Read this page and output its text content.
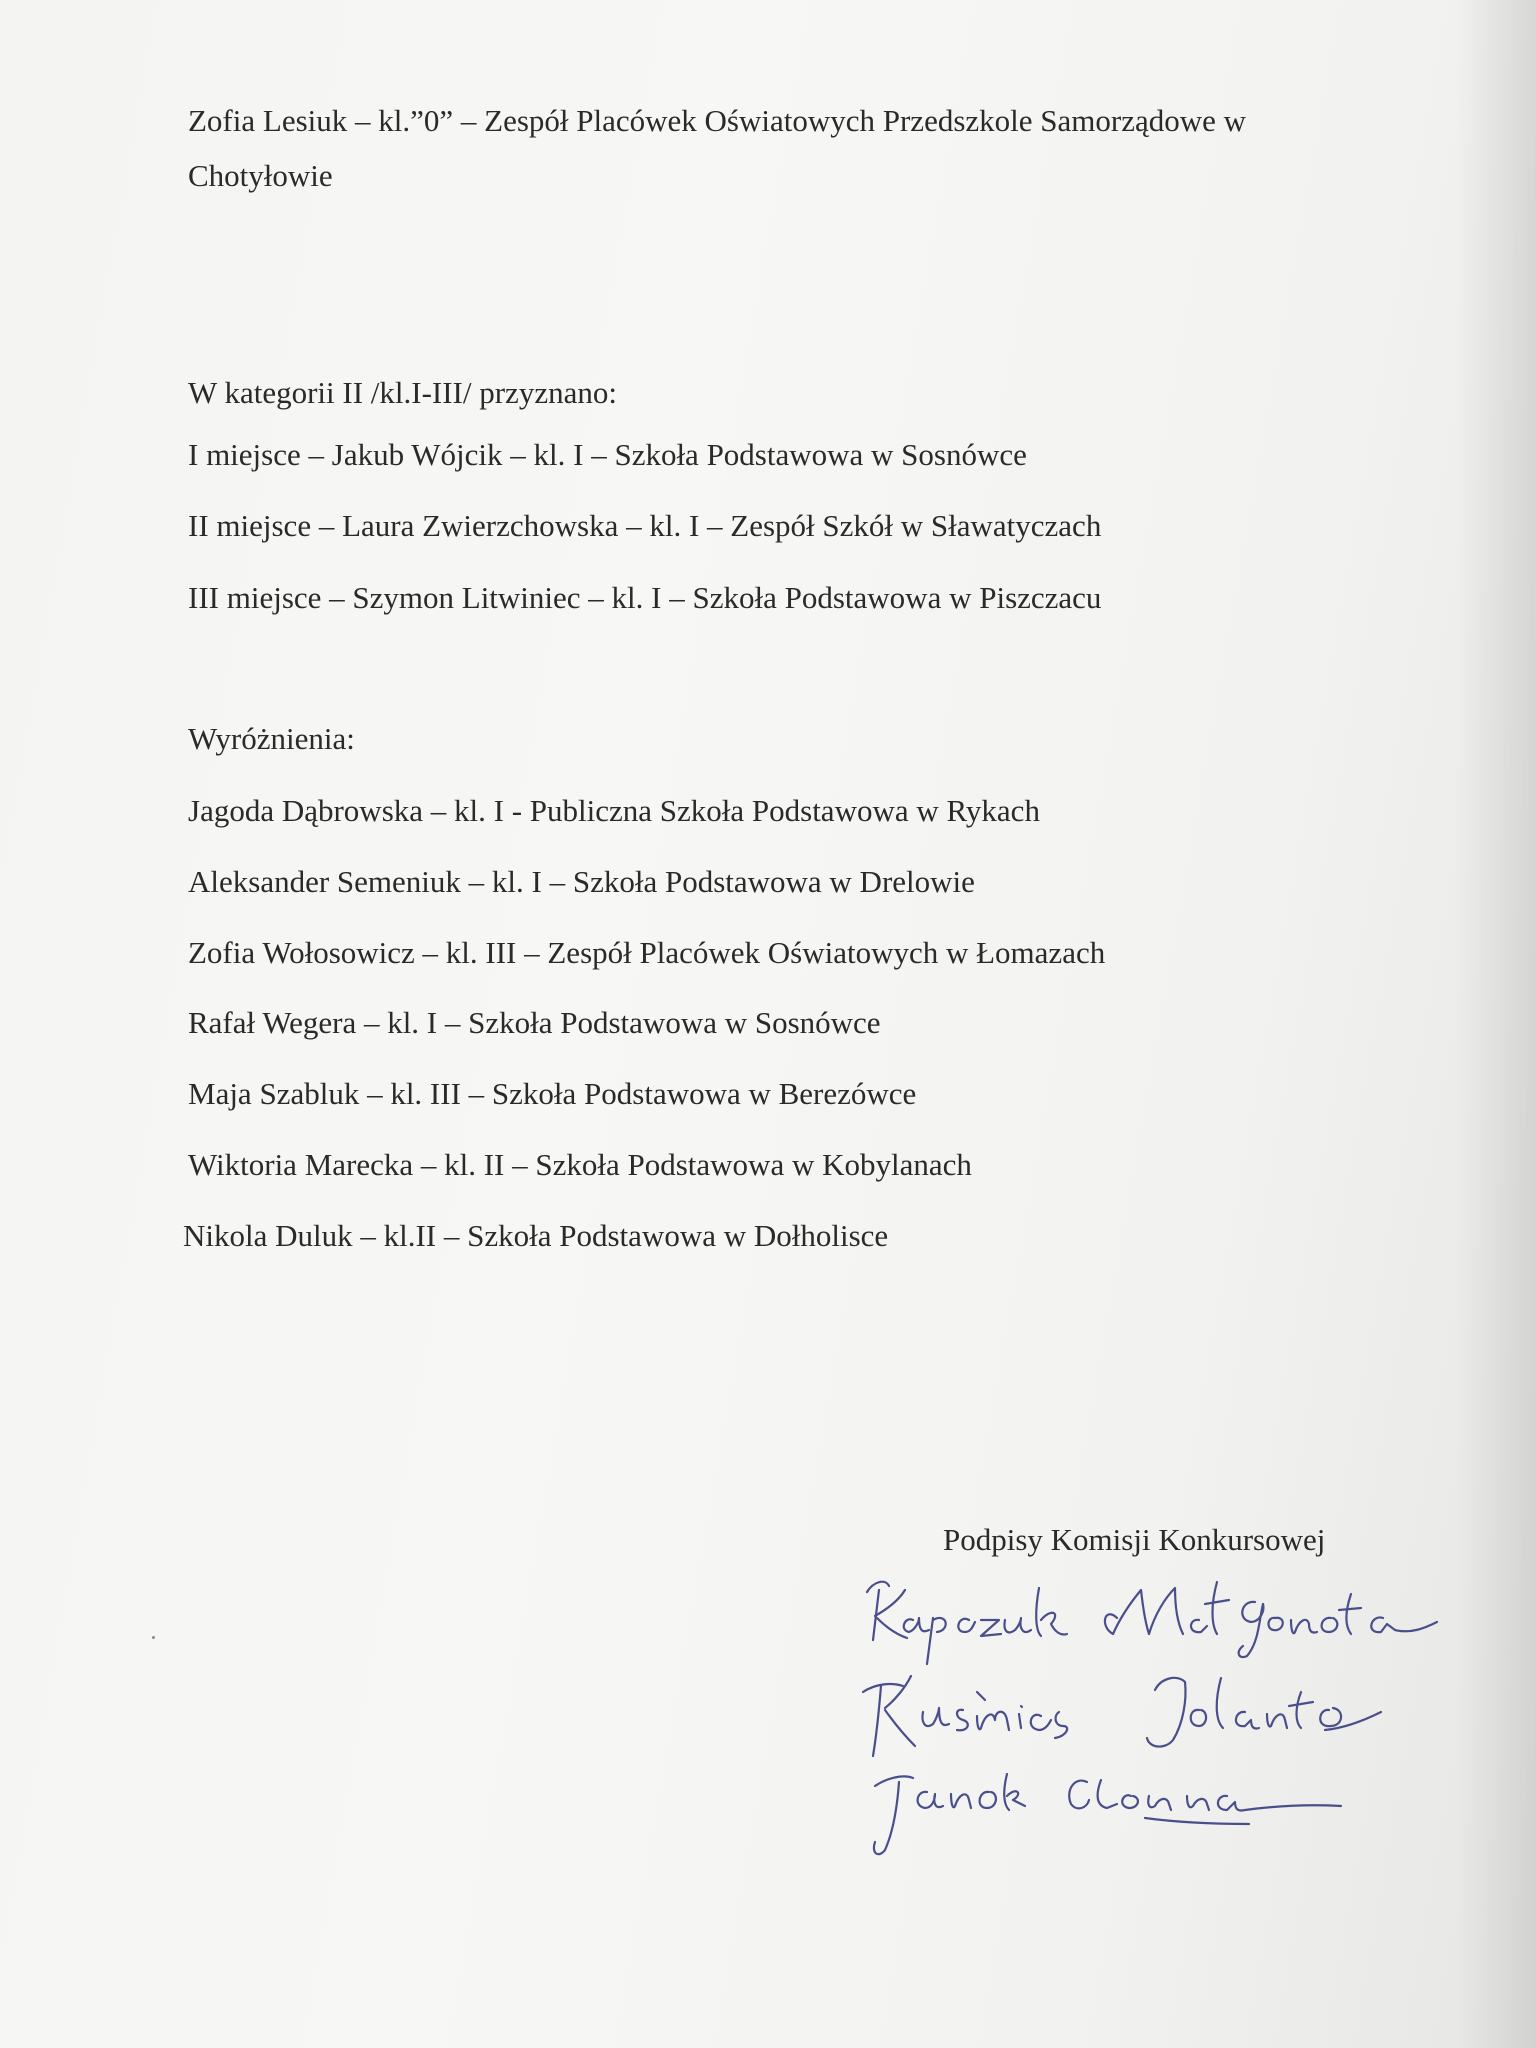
Zofia Lesiuk – kl.”0” – Zespół Placówek Oświatowych Przedszkole Samorządowe w

Chotyłowie

W kategorii II /kl.I-III/ przyznano:

I miejsce – Jakub Wójcik – kl. I – Szkoła Podstawowa w Sosnówce

II miejsce – Laura Zwierzchowska – kl. I – Zespół Szkół w Sławatyczach

III miejsce – Szymon Litwiniec – kl. I – Szkoła Podstawowa w Piszczacu

Wyróżnienia:

Jagoda Dąbrowska – kl. I - Publiczna Szkoła Podstawowa w Rykach

Aleksander Semeniuk – kl. I – Szkoła Podstawowa w Drelowie

Zofia Wołosowicz – kl. III – Zespół Placówek Oświatowych w Łomazach

Rafał Wegera – kl. I – Szkoła Podstawowa w Sosnówce

Maja Szabluk – kl. III – Szkoła Podstawowa w Berezówce

Wiktoria Marecka – kl. II – Szkoła Podstawowa w Kobylanach

Nikola Duluk – kl.II – Szkoła Podstawowa w Dołholisce

Podpisy Komisji Konkursowej
